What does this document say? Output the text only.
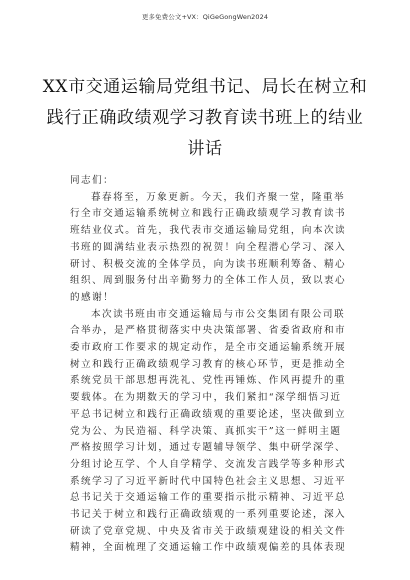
更多免费公文+VX：QiGeGongWen2024
XX市交通运输局党组书记、局长在树立和
践行正确政绩观学习教育读书班上的结业
讲话
同志们：
暮春将至，万象更新。今天，我们齐聚一堂，隆重举
行全市交通运输系统树立和践行正确政绩观学习教育读书
班结业仪式。首先，我代表市交通运输局党组，向本次读
书班的圆满结业表示热烈的祝贺！向全程潜心学习、深入
研讨、积极交流的全体学员，向为读书班顺利筹备、精心
组织、周到服务付出辛勤努力的全体工作人员，致以衷心
的感谢！
本次读书班由市交通运输局与市公交集团有限公司联
合举办，是严格贯彻落实中央决策部署、省委省政府和市
委市政府工作要求的规定动作，是全市交通运输系统开展
树立和践行正确政绩观学习教育的核心环节，更是推动全
系统党员干部思想再洗礼、党性再锤炼、作风再提升的重
要载体。在为期数天的学习中，我们紧扣“深学细悟习近
平总书记树立和践行正确政绩观的重要论述，坚决做到立
党为公、为民造福、科学决策、真抓实干”这一鲜明主题
严格按照学习计划，通过专题辅导领学、集中研学深学、
分组讨论互学、个人自学精学、交流发言践学等多种形式
系统学习了习近平新时代中国特色社会主义思想、习近平
总书记关于交通运输工作的重要指示批示精神、习近平总
书记关于树立和践行正确政绩观的一系列重要论述，深入
研读了党章党规、中央及省市关于政绩观建设的相关文件
精神，全面梳理了交通运输工作中政绩观偏差的具体表现
